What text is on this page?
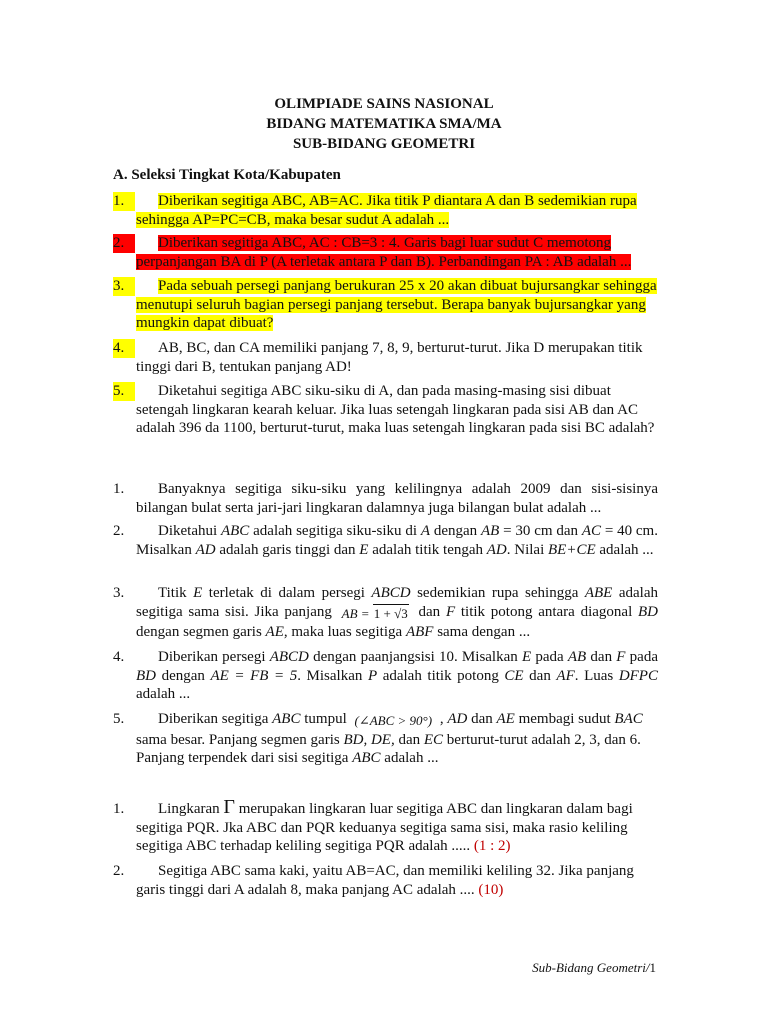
OLIMPIADE SAINS NASIONAL
BIDANG MATEMATIKA SMA/MA
SUB-BIDANG GEOMETRI
A. Seleksi Tingkat Kota/Kabupaten
1.	Diberikan segitiga ABC, AB=AC. Jika titik P diantara A dan B sedemikian rupa sehingga AP=PC=CB, maka besar sudut A adalah ...
2.	Diberikan segitiga ABC, AC : CB=3 : 4. Garis bagi luar sudut C memotong perpanjangan BA di P (A terletak antara P dan B). Perbandingan PA : AB adalah ...
3.	Pada sebuah persegi panjang berukuran 25 x 20 akan dibuat bujursangkar sehingga menutupi seluruh bagian persegi panjang tersebut. Berapa banyak bujursangkar yang mungkin dapat dibuat?
4.	AB, BC, dan CA memiliki panjang 7, 8, 9, berturut-turut. Jika D merupakan titik tinggi dari B, tentukan panjang AD!
5.	Diketahui segitiga ABC siku-siku di A, dan pada masing-masing sisi dibuat setengah lingkaran kearah keluar. Jika luas setengah lingkaran pada sisi AB dan AC adalah 396 da 1100, berturut-turut, maka luas setengah lingkaran pada sisi BC adalah?
1.	Banyaknya segitiga siku-siku yang kelilingnya adalah 2009 dan sisi-sisinya bilangan bulat serta jari-jari lingkaran dalamnya juga bilangan bulat adalah ...
2.	Diketahui ABC adalah segitiga siku-siku di A dengan AB = 30 cm dan AC = 40 cm. Misalkan AD adalah garis tinggi dan E adalah titik tengah AD. Nilai BE+CE adalah ...
3.	Titik E terletak di dalam persegi ABCD sedemikian rupa sehingga ABE adalah segitiga sama sisi. Jika panjang AB = 1 + √3 dan F titik potong antara diagonal BD dengan segmen garis AE, maka luas segitiga ABF sama dengan ...
4.	Diberikan persegi ABCD dengan paanjangsisi 10. Misalkan E pada AB dan F pada BD dengan AE = FB = 5. Misalkan P adalah titik potong CE dan AF. Luas DFPC adalah ...
5.	Diberikan segitiga ABC tumpul (∠ABC > 90°) , AD dan AE membagi sudut BAC sama besar. Panjang segmen garis BD, DE, dan EC berturut-turut adalah 2, 3, dan 6. Panjang terpendek dari sisi segitiga ABC adalah ...
1.	Lingkaran Γ merupakan lingkaran luar segitiga ABC dan lingkaran dalam bagi segitiga PQR. Jka ABC dan PQR keduanya segitiga sama sisi, maka rasio keliling segitiga ABC terhadap keliling segitiga PQR adalah ..... (1 : 2)
2.	Segitiga ABC sama kaki, yaitu AB=AC, dan memiliki keliling 32. Jika panjang garis tinggi dari A adalah 8, maka panjang AC adalah .... (10)
Sub-Bidang Geometri/1
